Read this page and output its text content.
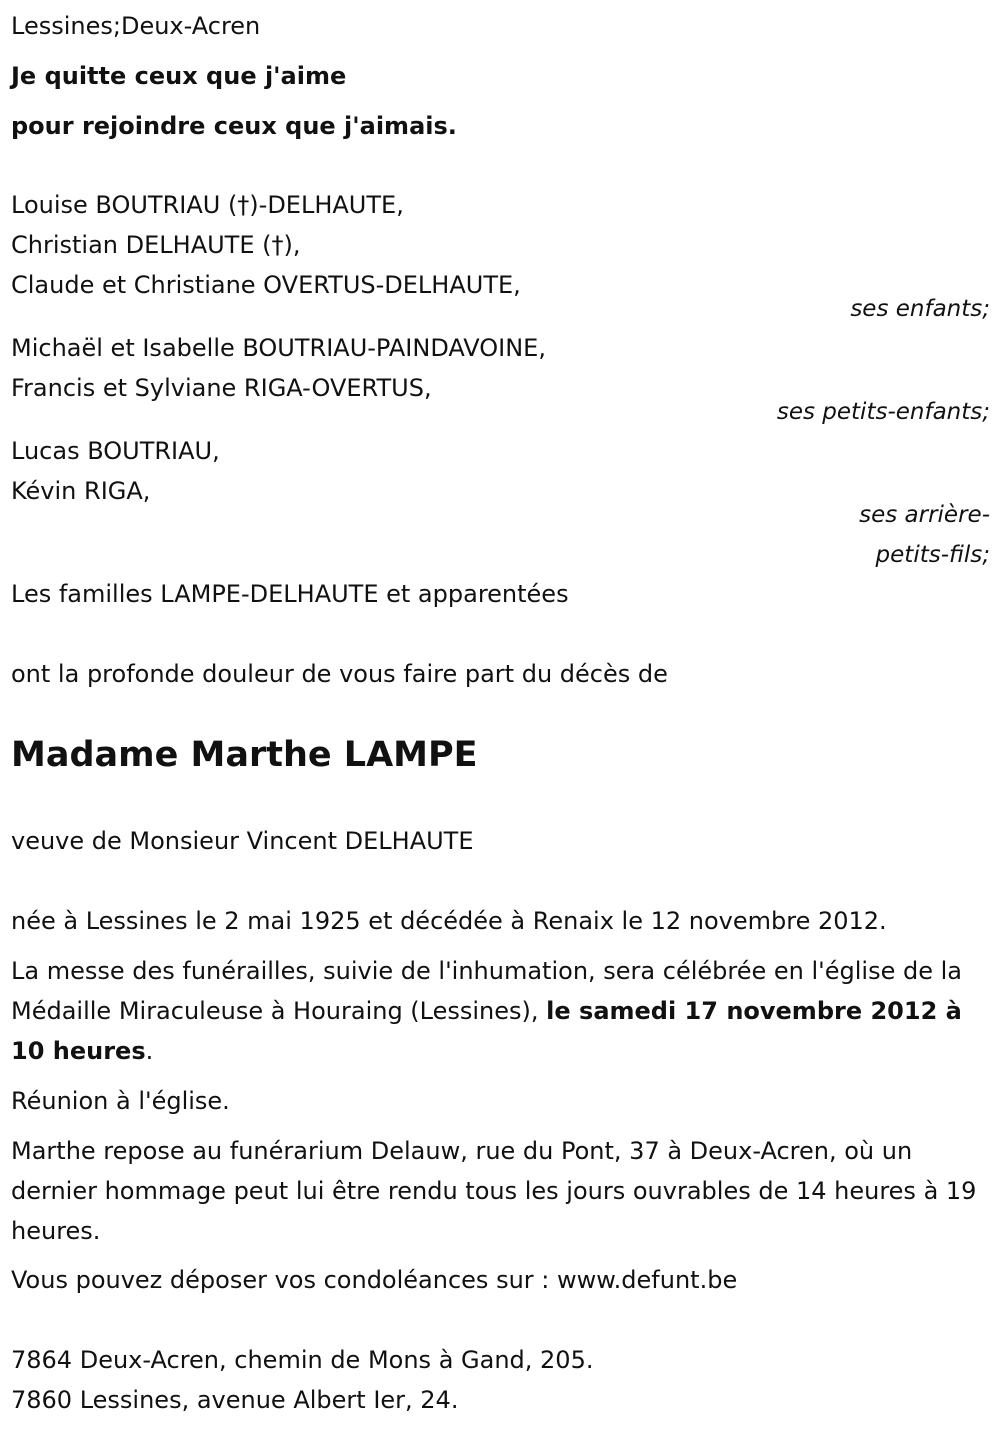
Lessines;Deux-Acren
Je quitte ceux que j'aime
pour rejoindre ceux que j'aimais.
Louise BOUTRIAU (†)-DELHAUTE,
Christian DELHAUTE (†),
Claude et Christiane OVERTUS-DELHAUTE,
ses enfants;
Michaël et Isabelle BOUTRIAU-PAINDAVOINE,
Francis et Sylviane RIGA-OVERTUS,
ses petits-enfants;
Lucas BOUTRIAU,
Kévin RIGA,
ses arrière-
petits-fils;
Les familles LAMPE-DELHAUTE et apparentées
ont la profonde douleur de vous faire part du décès de
Madame Marthe LAMPE
veuve de Monsieur Vincent DELHAUTE
née à Lessines le 2 mai 1925 et décédée à Renaix le 12 novembre 2012.
La messe des funérailles, suivie de l'inhumation, sera célébrée en l'église de la Médaille Miraculeuse à Houraing (Lessines), le samedi 17 novembre 2012 à 10 heures.
Réunion à l'église.
Marthe repose au funérarium Delauw, rue du Pont, 37 à Deux-Acren, où un dernier hommage peut lui être rendu tous les jours ouvrables de 14 heures à 19 heures.
Vous pouvez déposer vos condoléances sur : www.defunt.be
7864 Deux-Acren, chemin de Mons à Gand, 205.
7860 Lessines, avenue Albert Ier, 24.
